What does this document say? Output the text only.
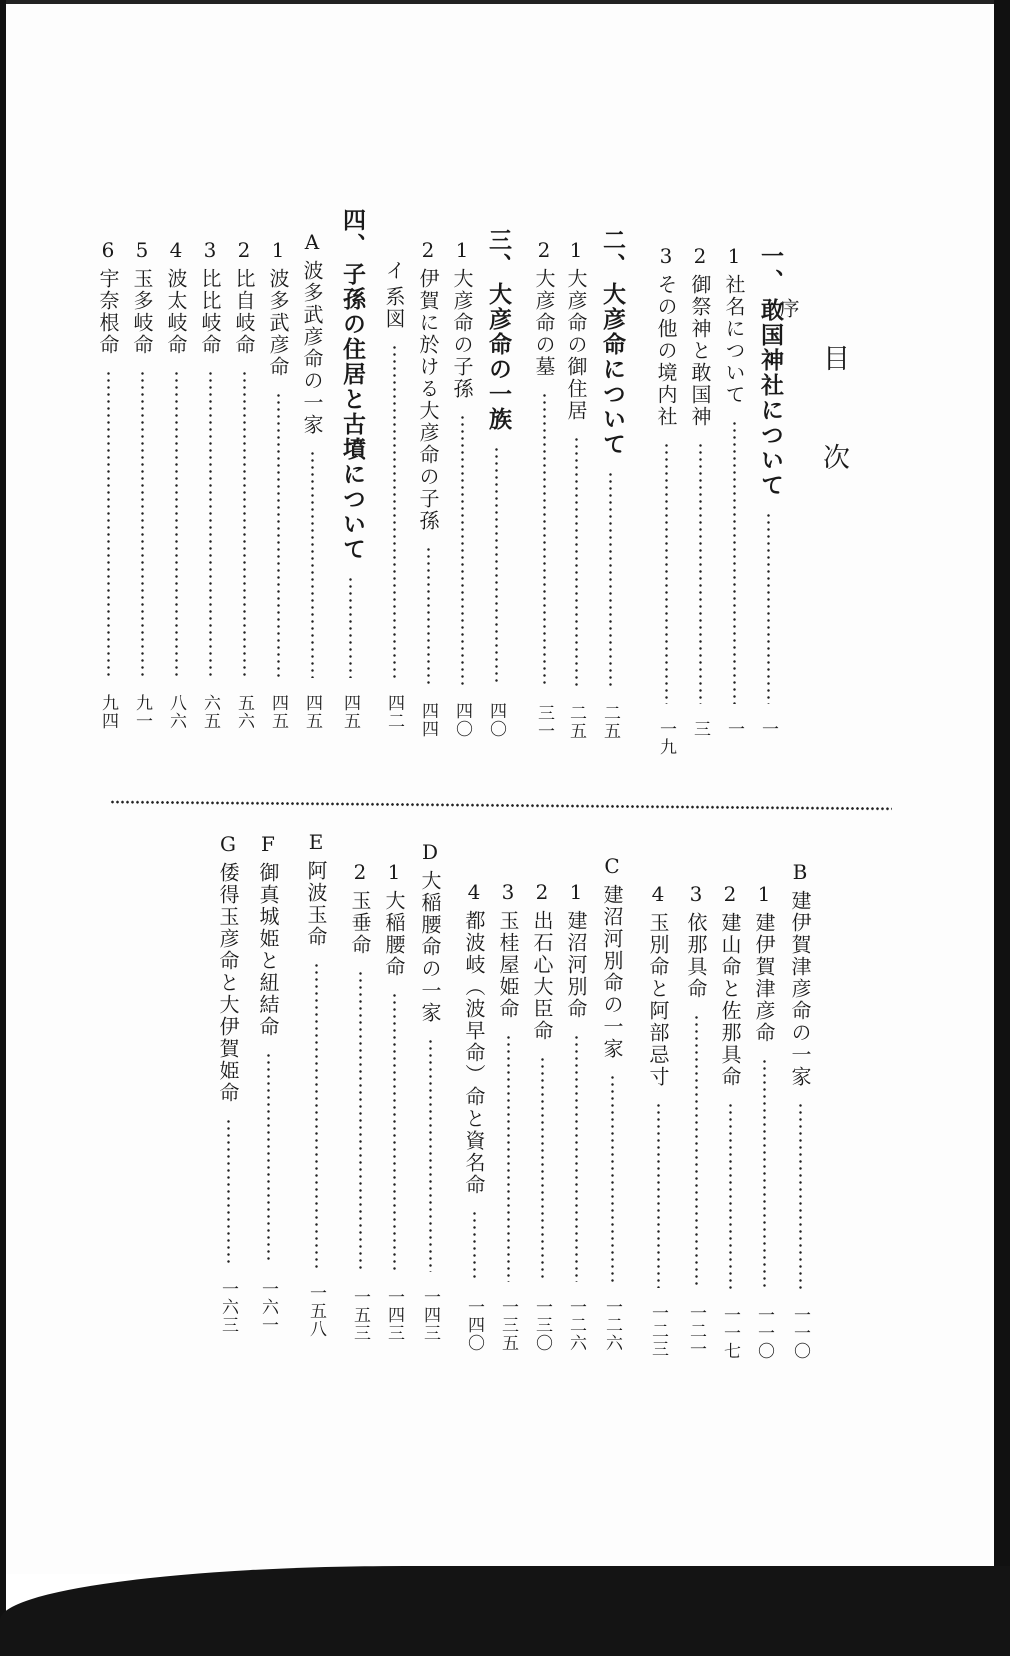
目次
序
一、敢国神社について
一
1社名について
一
2御祭神と敢国神
三
3その他の境内社
一九
二、大彦命について
二五
1大彦命の御住居
二五
2大彦命の墓
三一
三、大彦命の一族
四〇
1大彦命の子孫
四〇
2伊賀に於ける大彦命の子孫
四四
イ系図
四二
四、子孫の住居と古墳について
四五
A波多武彦命の一家
四五
1波多武彦命
四五
2比自岐命
五六
3比比岐命
六五
4波太岐命
八六
5玉多岐命
九一
6宇奈根命
九四
B建伊賀津彦命の一家
一一〇
1建伊賀津彦命
一一〇
2建山命と佐那具命
一一七
3依那具命
一二一
4玉別命と阿部忌寸
一二三
C建沼河別命の一家
一二六
1建沼河別命
一二六
2出石心大臣命
一三〇
3玉桂屋姫命
一三五
4都波岐（波早命）命と資名命
一四〇
D大稲腰命の一家
一四三
1大稲腰命
一四三
2玉垂命
一五三
E阿波玉命
一五八
F御真城姫と紐結命
一六一
G倭得玉彦命と大伊賀姫命
一六三
